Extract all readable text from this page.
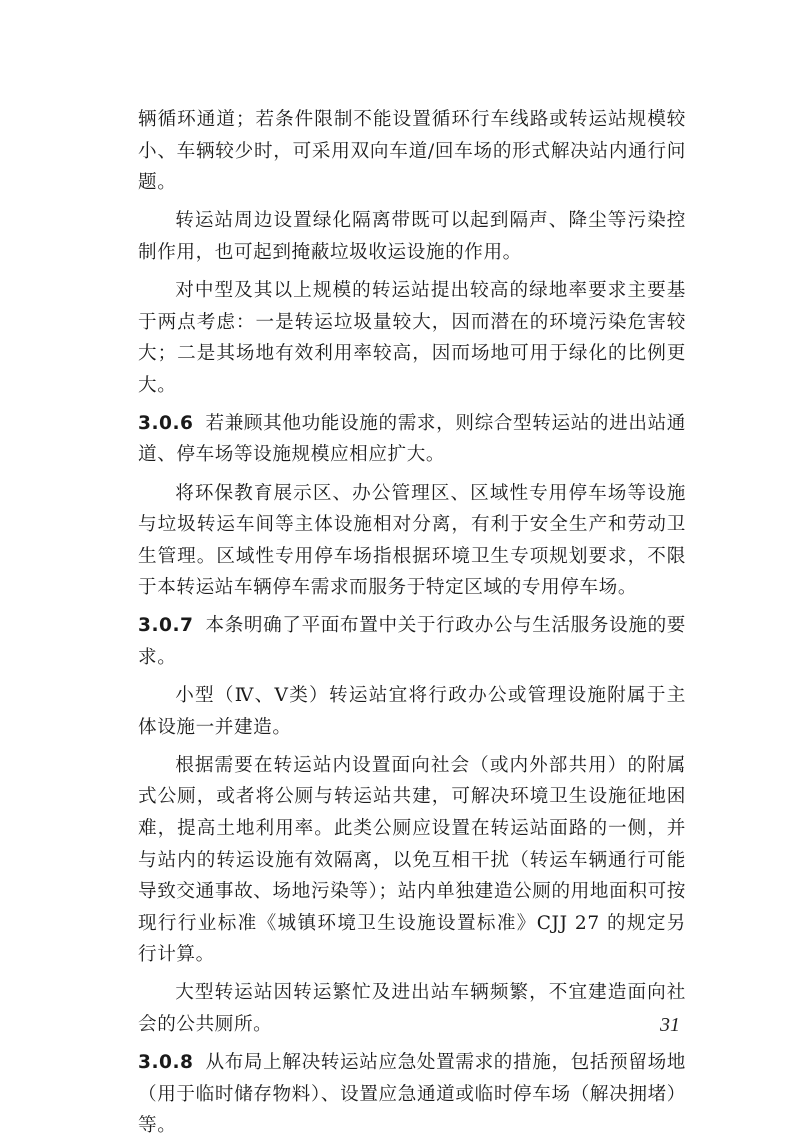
辆循环通道；若条件限制不能设置循环行车线路或转运站规模较小、车辆较少时，可采用双向车道/回车场的形式解决站内通行问题。

转运站周边设置绿化隔离带既可以起到隔声、降尘等污染控制作用，也可起到掩蔽垃圾收运设施的作用。

对中型及其以上规模的转运站提出较高的绿地率要求主要基于两点考虑：一是转运垃圾量较大，因而潜在的环境污染危害较大；二是其场地有效利用率较高，因而场地可用于绿化的比例更大。

3.0.6 若兼顾其他功能设施的需求，则综合型转运站的进出站通道、停车场等设施规模应相应扩大。

将环保教育展示区、办公管理区、区域性专用停车场等设施与垃圾转运车间等主体设施相对分离，有利于安全生产和劳动卫生管理。区域性专用停车场指根据环境卫生专项规划要求，不限于本转运站车辆停车需求而服务于特定区域的专用停车场。

3.0.7 本条明确了平面布置中关于行政办公与生活服务设施的要求。

小型（Ⅳ、Ⅴ类）转运站宜将行政办公或管理设施附属于主体设施一并建造。

根据需要在转运站内设置面向社会（或内外部共用）的附属式公厕，或者将公厕与转运站共建，可解决环境卫生设施征地困难，提高土地利用率。此类公厕应设置在转运站面路的一侧，并与站内的转运设施有效隔离，以免互相干扰（转运车辆通行可能导致交通事故、场地污染等）；站内单独建造公厕的用地面积可按现行行业标准《城镇环境卫生设施设置标准》CJJ 27 的规定另行计算。

大型转运站因转运繁忙及进出站车辆频繁，不宜建造面向社会的公共厕所。

3.0.8 从布局上解决转运站应急处置需求的措施，包括预留场地（用于临时储存物料）、设置应急通道或临时停车场（解决拥堵）等。

31
